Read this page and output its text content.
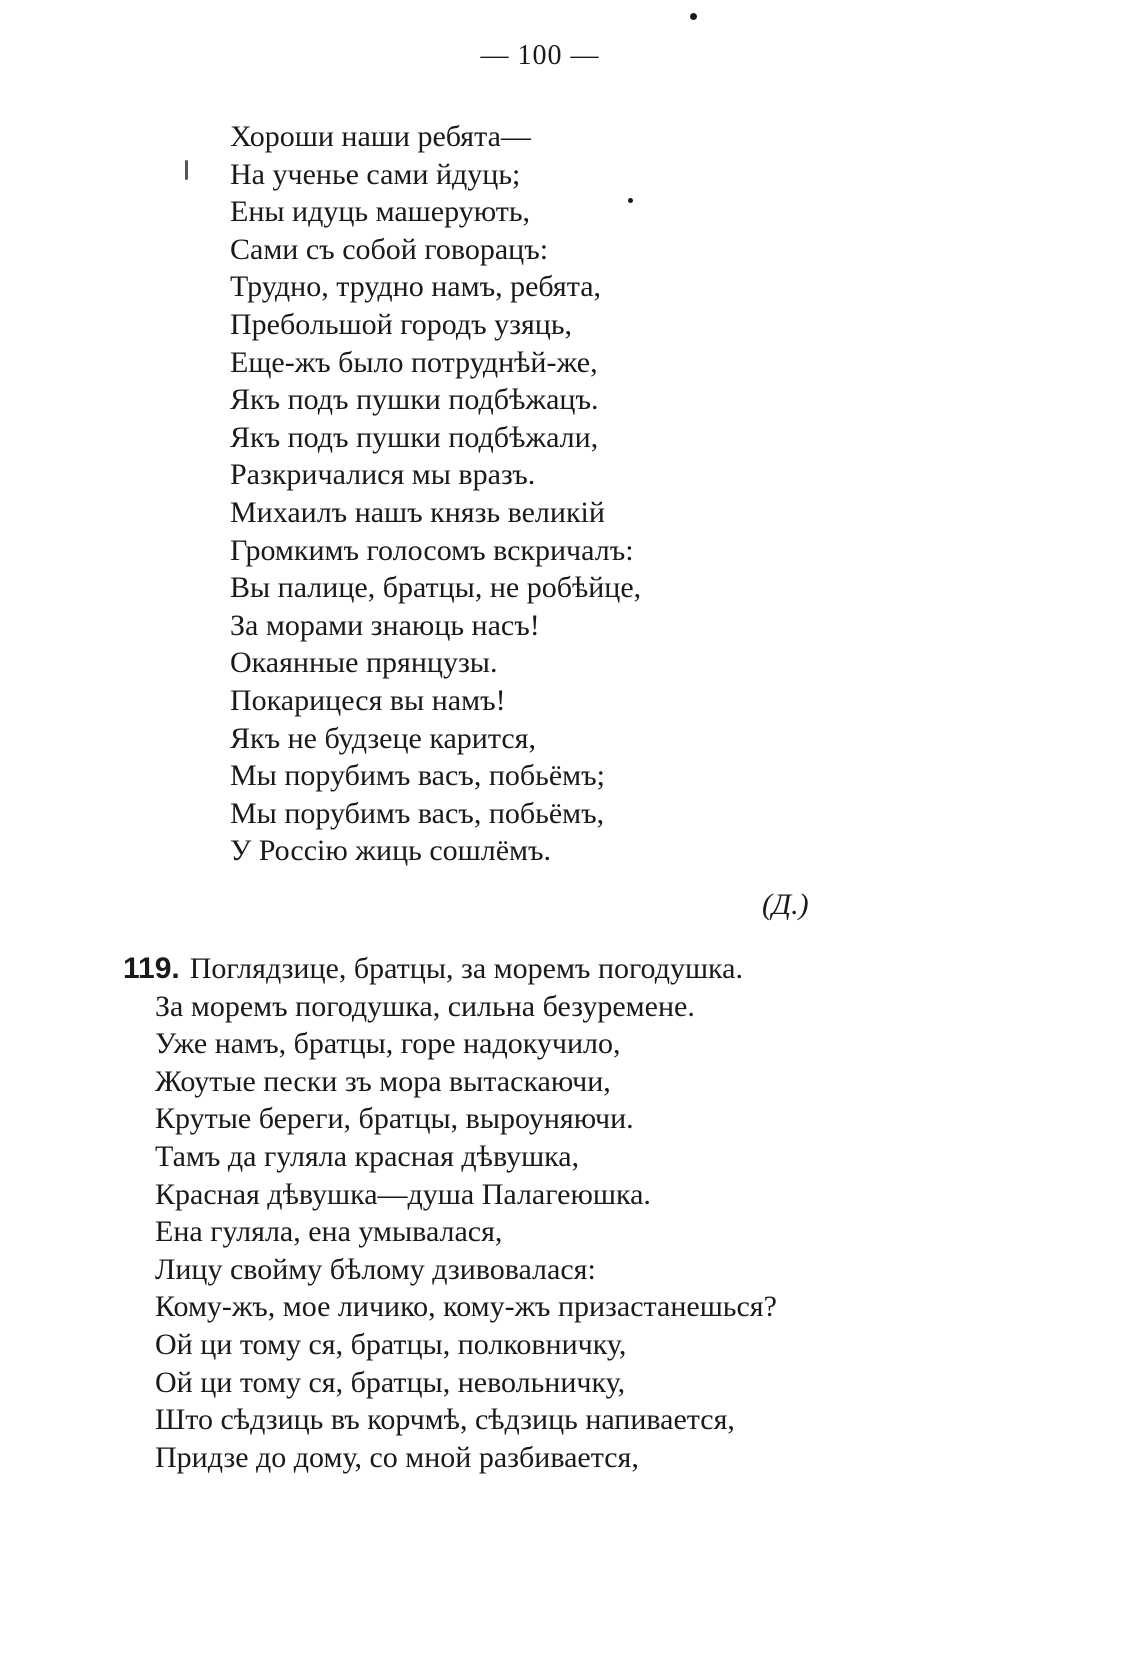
— 100 —
Хороши наши ребята—
На ученье сами йдуць;
Ены идуць машерують,
Сами съ собой говорацъ:
Трудно, трудно намъ, ребята,
Пребольшой городъ узяць,
Еще-жъ было потруднѣй-же,
Якъ подъ пушки подбѣжацъ.
Якъ подъ пушки подбѣжали,
Разкричалися мы вразъ.
Михаилъ нашъ князь великiй
Громкимъ голосомъ вскричалъ:
Вы палице, братцы, не робѣйце,
За морами знаюць насъ!
Окаянные прянцузы.
Покарицеся вы намъ!
Якъ не будзеце карится,
Мы порубимъ васъ, побьёмъ;
Мы порубимъ васъ, побьёмъ,
У Россiю жиць сошлёмъ.
(Д.)
119. Поглядзице, братцы, за моремъ погодушка.
За моремъ погодушка, сильна безуремене.
Уже намъ, братцы, горе надокучило,
Жоутые пески зъ мора вытаскаючи,
Крутые береги, братцы, выроуняючи.
Тамъ да гуляла красная дѣвушка,
Красная дѣвушка—душа Палагеюшка.
Ена гуляла, ена умывалася,
Лицу свойму бѣлому дзивовалася:
Кому-жъ, мое личико, кому-жъ призастанешься?
Ой ци тому ся, братцы, полковничку,
Ой ци тому ся, братцы, невольничку,
Што сѣдзиць въ корчмѣ, сѣдзиць напивается,
Придзе до дому, со мной разбивается,
